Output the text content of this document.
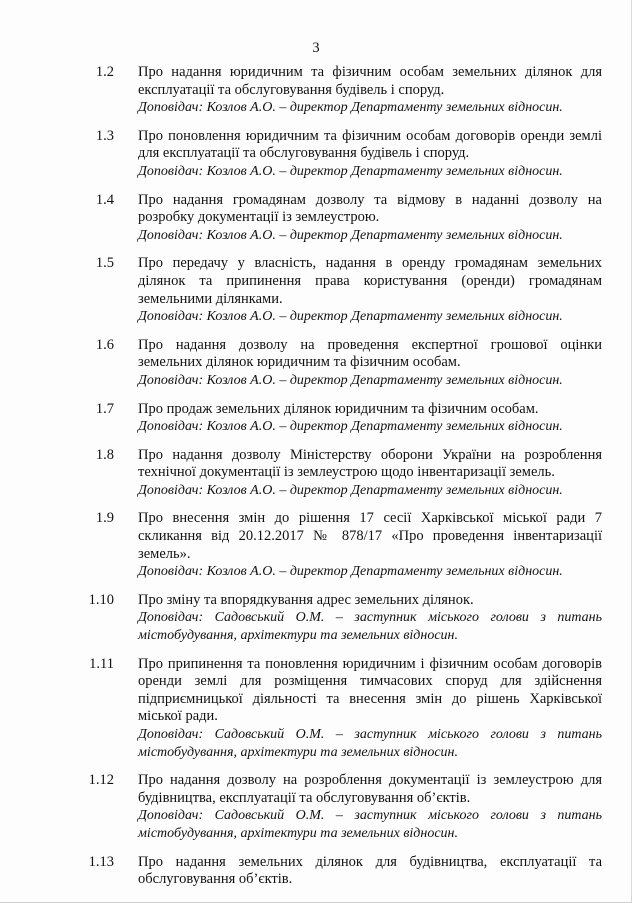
3
1.2 Про надання юридичним та фізичним особам земельних ділянок для експлуатації та обслуговування будівель і споруд.
Доповідач: Козлов А.О. – директор Департаменту земельних відносин.
1.3 Про поновлення юридичним та фізичним особам договорів оренди землі для експлуатації та обслуговування будівель і споруд.
Доповідач: Козлов А.О. – директор Департаменту земельних відносин.
1.4 Про надання громадянам дозволу та відмову в наданні дозволу на розробку документації із землеустрою.
Доповідач: Козлов А.О. – директор Департаменту земельних відносин.
1.5 Про передачу у власність, надання в оренду громадянам земельних ділянок та припинення права користування (оренди) громадянам земельними ділянками.
Доповідач: Козлов А.О. – директор Департаменту земельних відносин.
1.6 Про надання дозволу на проведення експертної грошової оцінки земельних ділянок юридичним та фізичним особам.
Доповідач: Козлов А.О. – директор Департаменту земельних відносин.
1.7 Про продаж земельних ділянок юридичним та фізичним особам.
Доповідач: Козлов А.О. – директор Департаменту земельних відносин.
1.8 Про надання дозволу Міністерству оборони України на розроблення технічної документації із землеустрою щодо інвентаризації земель.
Доповідач: Козлов А.О. – директор Департаменту земельних відносин.
1.9 Про внесення змін до рішення 17 сесії Харківської міської ради 7 скликання від 20.12.2017 № 878/17 «Про проведення інвентаризації земель».
Доповідач: Козлов А.О. – директор Департаменту земельних відносин.
1.10 Про зміну та впорядкування адрес земельних ділянок.
Доповідач: Садовський О.М. – заступник міського голови з питань містобудування, архітектури та земельних відносин.
1.11 Про припинення та поновлення юридичним і фізичним особам договорів оренди землі для розміщення тимчасових споруд для здійснення підприємницької діяльності та внесення змін до рішень Харківської міської ради.
Доповідач: Садовський О.М. – заступник міського голови з питань містобудування, архітектури та земельних відносин.
1.12 Про надання дозволу на розроблення документації із землеустрою для будівництва, експлуатації та обслуговування об’єктів.
Доповідач: Садовський О.М. – заступник міського голови з питань містобудування, архітектури та земельних відносин.
1.13 Про надання земельних ділянок для будівництва, експлуатації та обслуговування об’єктів.
